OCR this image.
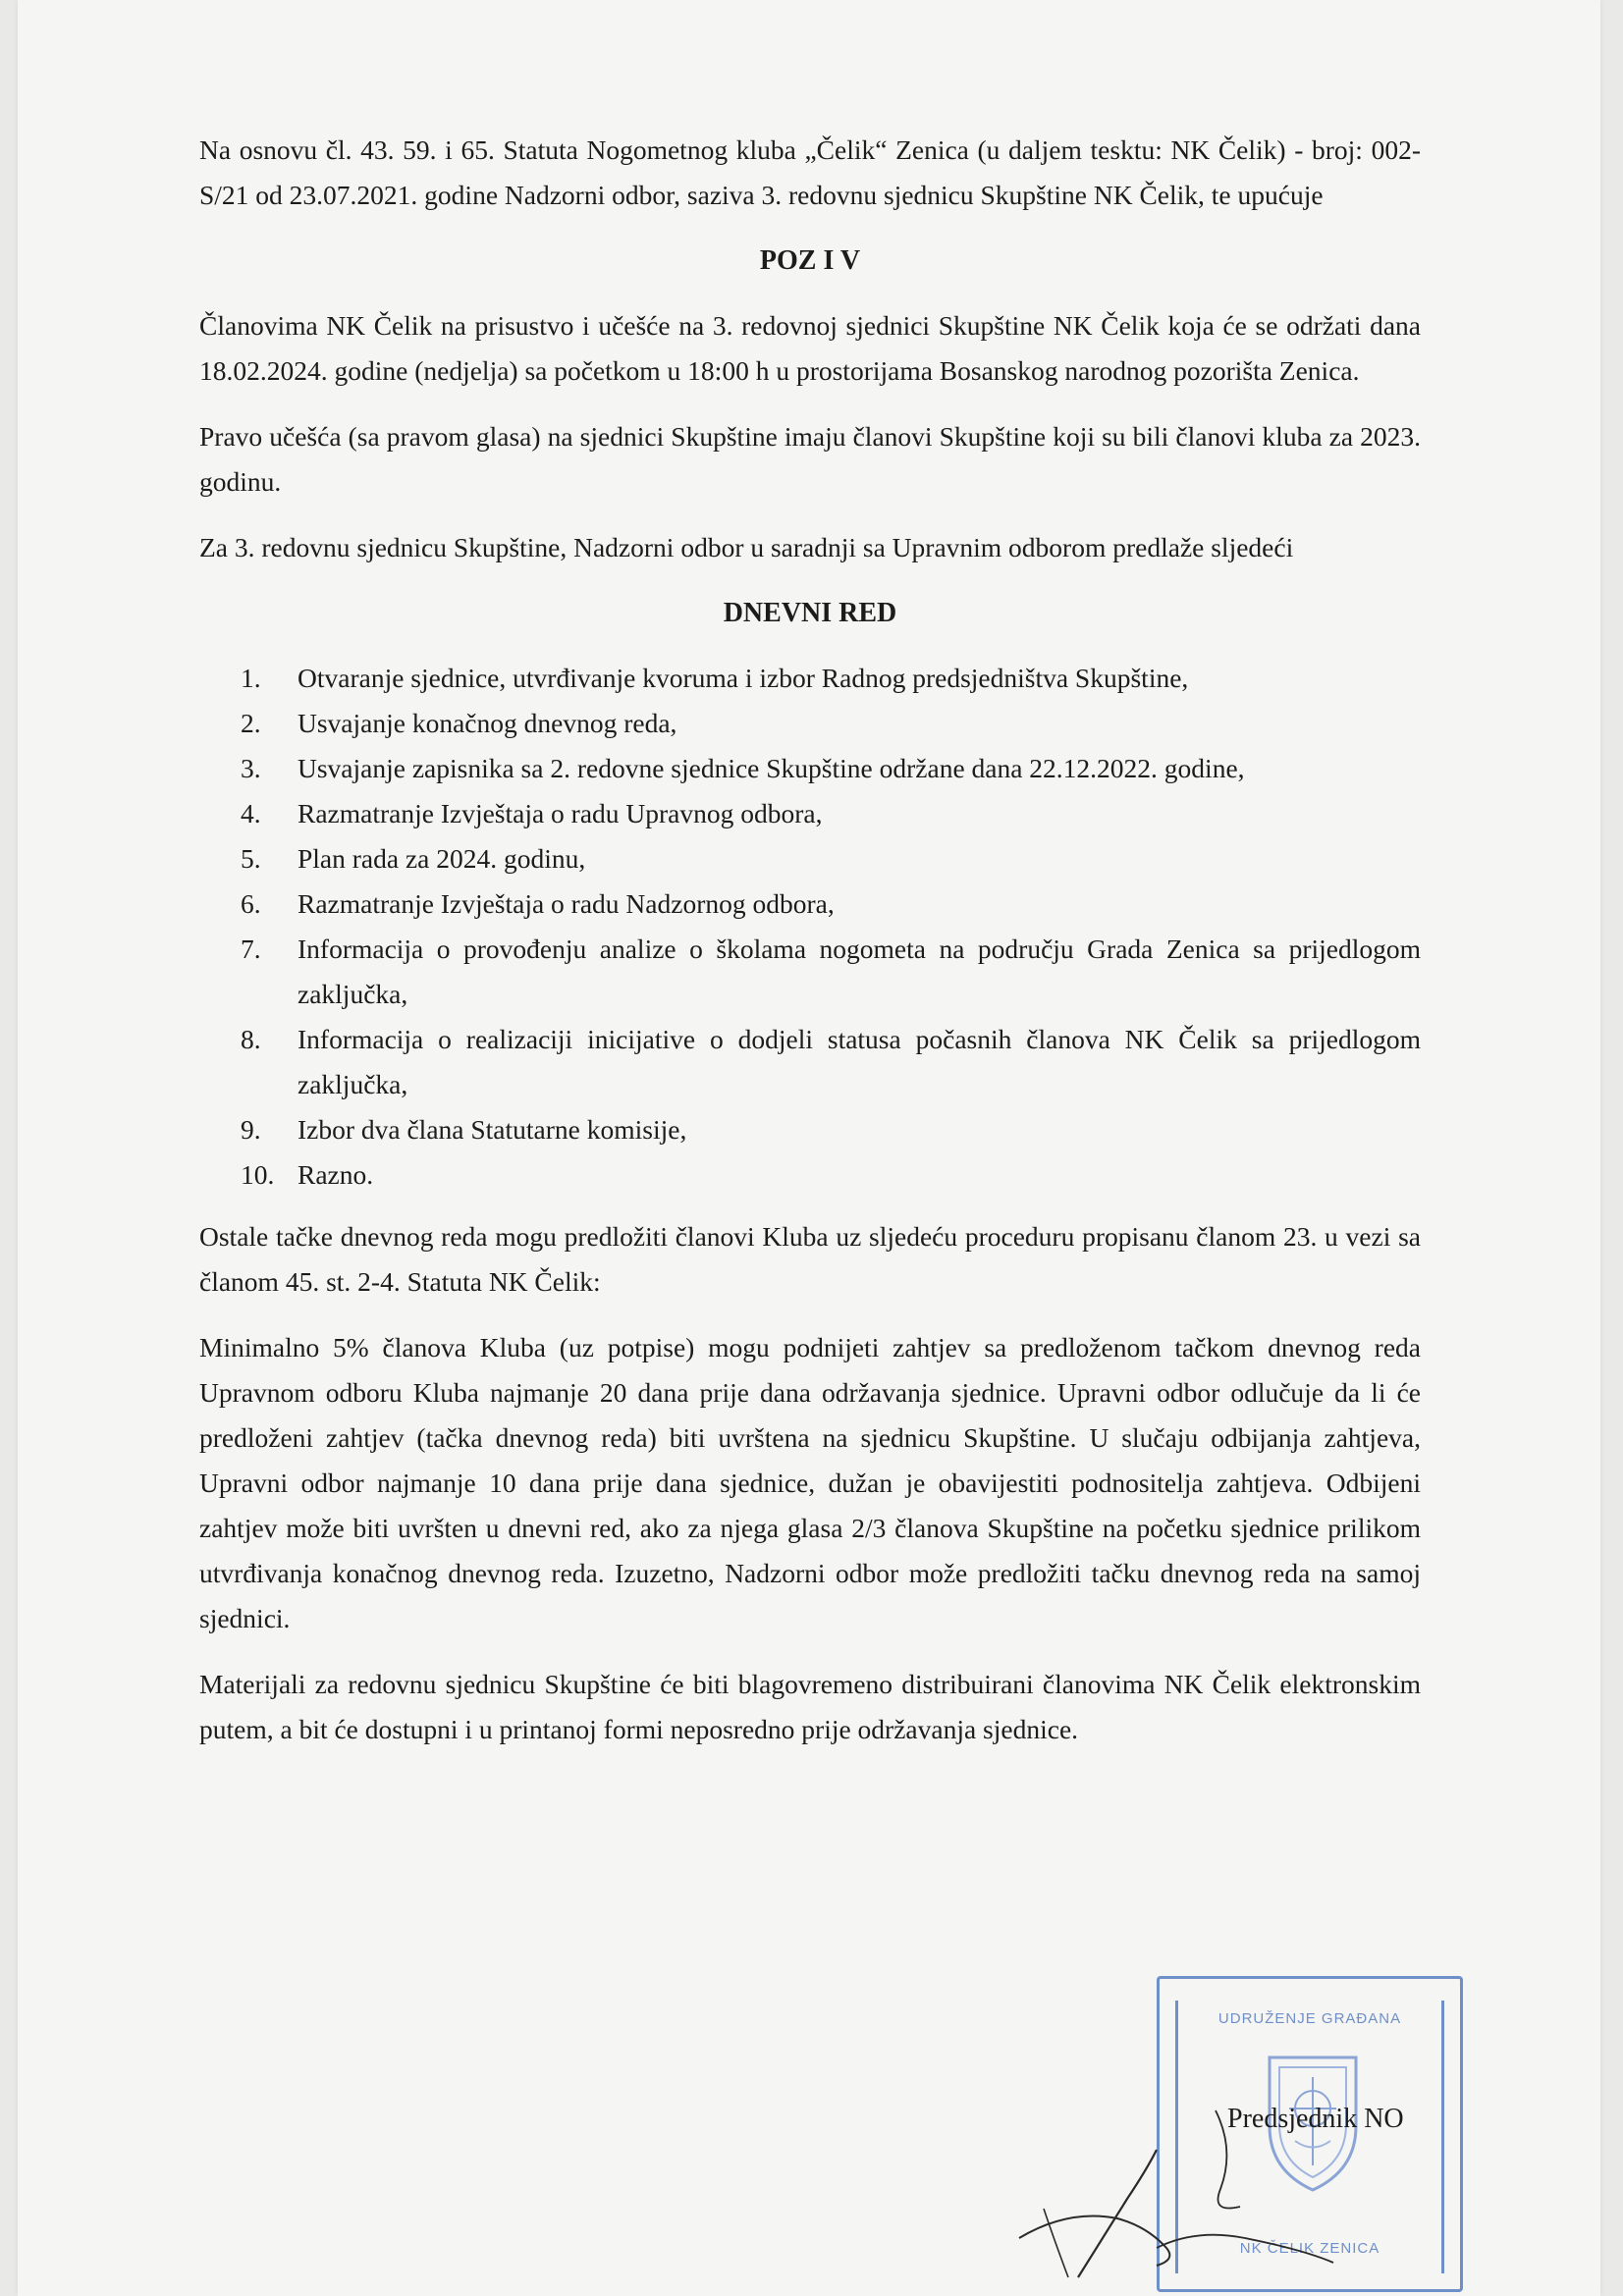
Na osnovu čl. 43. 59. i 65. Statuta Nogometnog kluba „Čelik“ Zenica (u daljem tesktu: NK Čelik) - broj: 002-S/21 od 23.07.2021. godine Nadzorni odbor, saziva 3. redovnu sjednicu Skupštine NK Čelik, te upućuje

POZ I V

Članovima NK Čelik na prisustvo i učešće na 3. redovnoj sjednici Skupštine NK Čelik koja će se održati dana 18.02.2024. godine (nedjelja) sa početkom u 18:00 h u prostorijama Bosanskog narodnog pozorišta Zenica.

Pravo učešća (sa pravom glasa) na sjednici Skupštine imaju članovi Skupštine koji su bili članovi kluba za 2023. godinu.

Za 3. redovnu sjednicu Skupštine, Nadzorni odbor u saradnji sa Upravnim odborom predlaže sljedeći

DNEVNI RED
1.	Otvaranje sjednice, utvrđivanje kvoruma i izbor Radnog predsjedništva Skupštine,
2.	Usvajanje konačnog dnevnog reda,
3.	Usvajanje zapisnika sa 2. redovne sjednice Skupštine održane dana 22.12.2022. godine,
4.	Razmatranje Izvještaja o radu Upravnog odbora,
5.	Plan rada za 2024. godinu,
6.	Razmatranje Izvještaja o radu Nadzornog odbora,
7.	Informacija o provođenju analize o školama nogometa na području Grada Zenica sa prijedlogom zaključka,
8.	Informacija o realizaciji inicijative o dodjeli statusa počasnih članova NK Čelik sa prijedlogom zaključka,
9.	Izbor dva člana Statutarne komisije,
10. Razno.

Ostale tačke dnevnog reda mogu predložiti članovi Kluba uz sljedeću proceduru propisanu članom 23. u vezi sa članom 45. st. 2-4. Statuta NK Čelik:

Minimalno 5% članova Kluba (uz potpise) mogu podnijeti zahtjev sa predloženom tačkom dnevnog reda Upravnom odboru Kluba najmanje 20 dana prije dana održavanja sjednice. Upravni odbor odlučuje da li će predloženi zahtjev (tačka dnevnog reda) biti uvrštena na sjednicu Skupštine. U slučaju odbijanja zahtjeva, Upravni odbor najmanje 10 dana prije dana sjednice, dužan je obavijestiti podnositelja zahtjeva. Odbijeni zahtjev može biti uvršten u dnevni red, ako za njega glasa 2/3 članova Skupštine na početku sjednice prilikom utvrđivanja konačnog dnevnog reda. Izuzetno, Nadzorni odbor može predložiti tačku dnevnog reda na samoj sjednici.

Materijali za redovnu sjednicu Skupštine će biti blagovremeno distribuirani članovima NK Čelik elektronskim putem, a bit će dostupni i u printanoj formi neposredno prije održavanja sjednice.

UDRUŽENJE GRAĐANA
NK ČELIK ZENICA
Predsjednik NO
